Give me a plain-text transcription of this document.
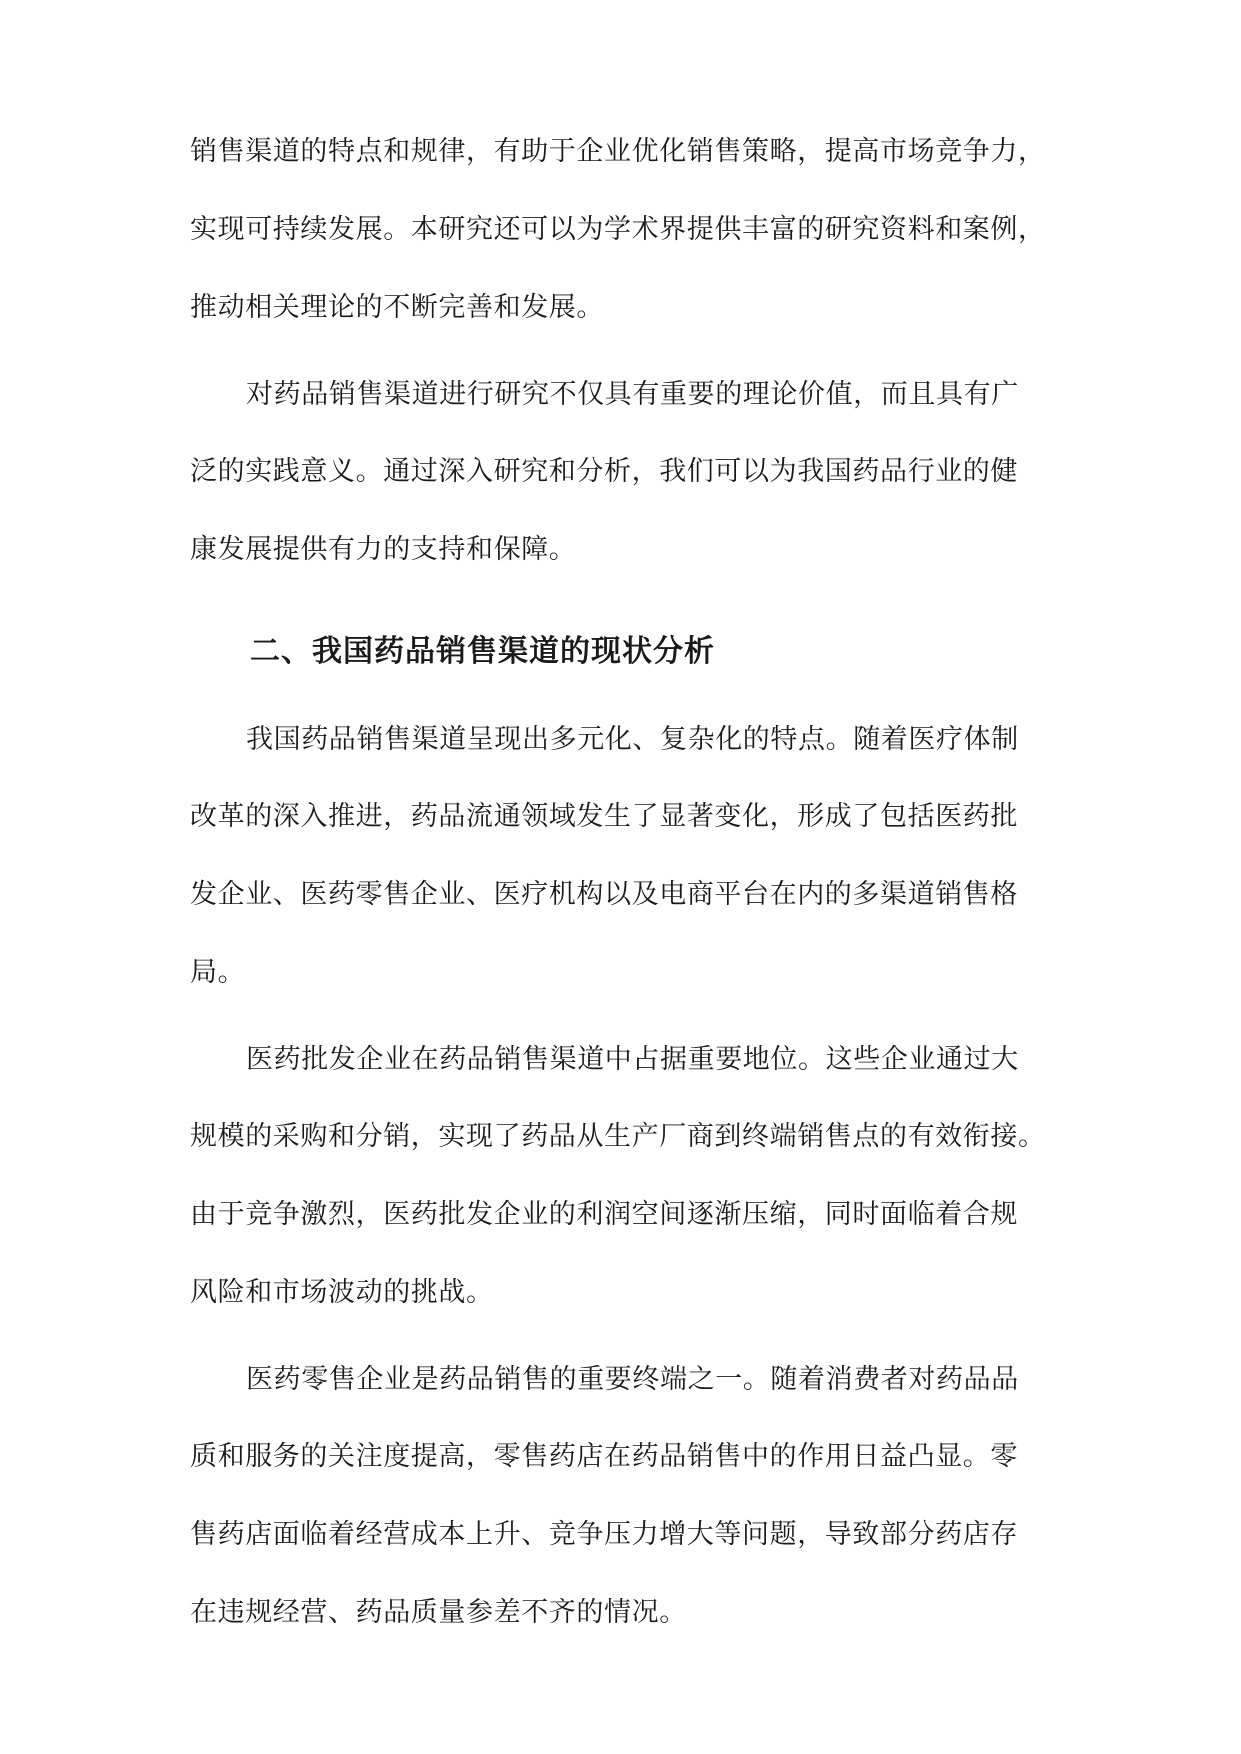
销售渠道的特点和规律，有助于企业优化销售策略，提高市场竞争力，
实现可持续发展。本研究还可以为学术界提供丰富的研究资料和案例，
推动相关理论的不断完善和发展。
对药品销售渠道进行研究不仅具有重要的理论价值，而且具有广
泛的实践意义。通过深入研究和分析，我们可以为我国药品行业的健
康发展提供有力的支持和保障。
二、我国药品销售渠道的现状分析
我国药品销售渠道呈现出多元化、复杂化的特点。随着医疗体制
改革的深入推进，药品流通领域发生了显著变化，形成了包括医药批
发企业、医药零售企业、医疗机构以及电商平台在内的多渠道销售格
局。
医药批发企业在药品销售渠道中占据重要地位。这些企业通过大
规模的采购和分销，实现了药品从生产厂商到终端销售点的有效衔接。
由于竞争激烈，医药批发企业的利润空间逐渐压缩，同时面临着合规
风险和市场波动的挑战。
医药零售企业是药品销售的重要终端之一。随着消费者对药品品
质和服务的关注度提高，零售药店在药品销售中的作用日益凸显。零
售药店面临着经营成本上升、竞争压力增大等问题，导致部分药店存
在违规经营、药品质量参差不齐的情况。
